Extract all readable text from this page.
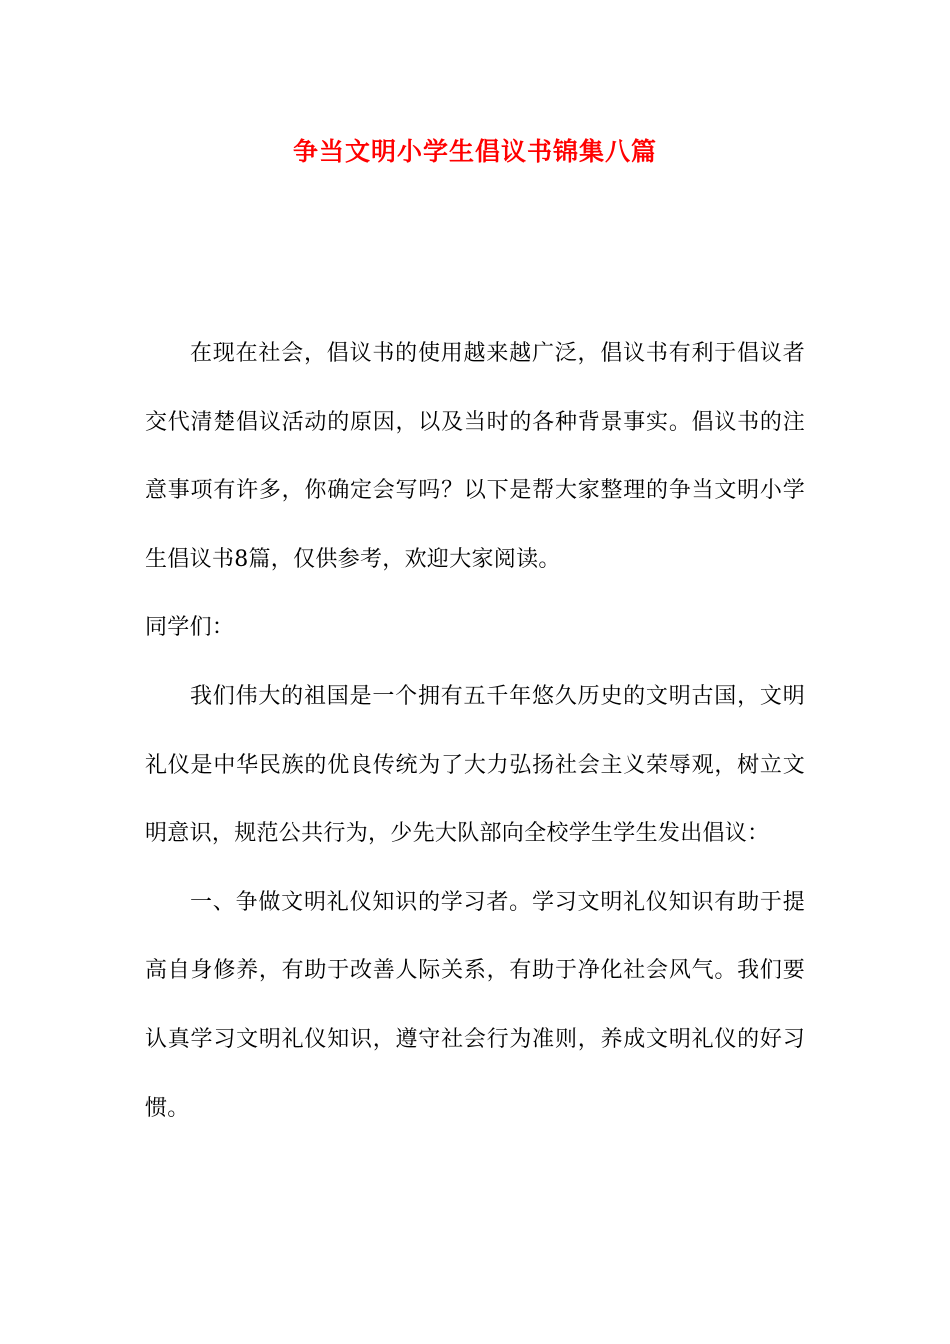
争当文明小学生倡议书锦集八篇

在现在社会，倡议书的使用越来越广泛，倡议书有利于倡议者交代清楚倡议活动的原因，以及当时的各种背景事实。倡议书的注意事项有许多，你确定会写吗？以下是帮大家整理的争当文明小学生倡议书8篇，仅供参考，欢迎大家阅读。

同学们：

我们伟大的祖国是一个拥有五千年悠久历史的文明古国，文明礼仪是中华民族的优良传统为了大力弘扬社会主义荣辱观，树立文明意识，规范公共行为，少先大队部向全校学生学生发出倡议：

一、争做文明礼仪知识的学习者。学习文明礼仪知识有助于提高自身修养，有助于改善人际关系，有助于净化社会风气。我们要认真学习文明礼仪知识，遵守社会行为准则，养成文明礼仪的好习惯。
